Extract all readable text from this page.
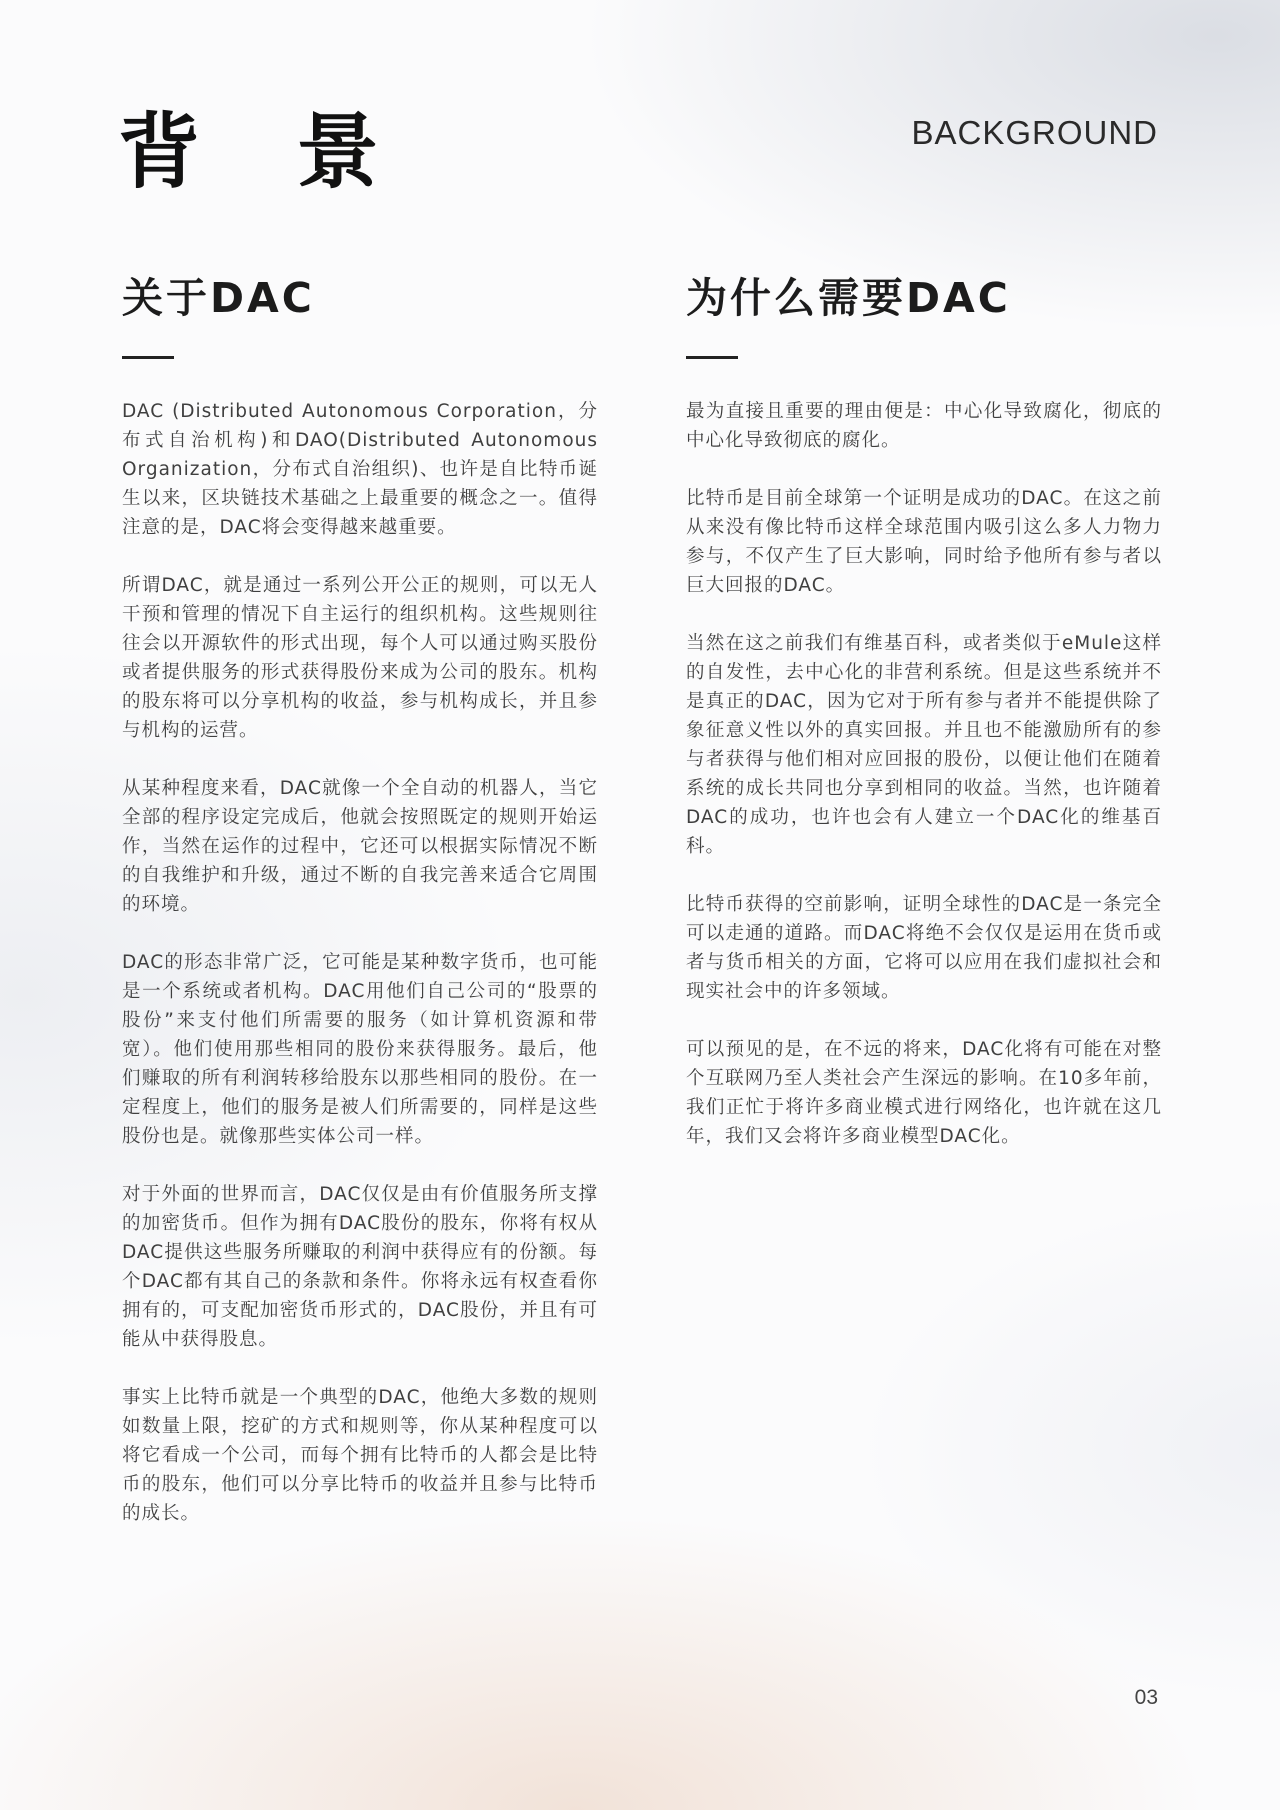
背 景	BACKGROUND
关于DAC

DAC (Distributed Autonomous Corporation，分布式自治机构)和DAO(Distributed Autonomous Organization，分布式自治组织)、也许是自比特币诞生以来，区块链技术基础之上最重要的概念之一。值得注意的是，DAC将会变得越来越重要。

所谓DAC，就是通过一系列公开公正的规则，可以无人干预和管理的情况下自主运行的组织机构。这些规则往往会以开源软件的形式出现，每个人可以通过购买股份或者提供服务的形式获得股份来成为公司的股东。机构的股东将可以分享机构的收益，参与机构成长，并且参与机构的运营。

从某种程度来看，DAC就像一个全自动的机器人，当它全部的程序设定完成后，他就会按照既定的规则开始运作，当然在运作的过程中，它还可以根据实际情况不断的自我维护和升级，通过不断的自我完善来适合它周围的环境。

DAC的形态非常广泛，它可能是某种数字货币，也可能是一个系统或者机构。DAC用他们自己公司的“股票的股份”来支付他们所需要的服务（如计算机资源和带宽）。他们使用那些相同的股份来获得服务。最后，他们赚取的所有利润转移给股东以那些相同的股份。在一定程度上，他们的服务是被人们所需要的，同样是这些股份也是。就像那些实体公司一样。

对于外面的世界而言，DAC仅仅是由有价值服务所支撑的加密货币。但作为拥有DAC股份的股东，你将有权从DAC提供这些服务所赚取的利润中获得应有的份额。每个DAC都有其自己的条款和条件。你将永远有权查看你拥有的，可支配加密货币形式的，DAC股份，并且有可能从中获得股息。

事实上比特币就是一个典型的DAC，他绝大多数的规则如数量上限，挖矿的方式和规则等，你从某种程度可以将它看成一个公司，而每个拥有比特币的人都会是比特币的股东，他们可以分享比特币的收益并且参与比特币的成长。

为什么需要DAC

最为直接且重要的理由便是：中心化导致腐化，彻底的中心化导致彻底的腐化。

比特币是目前全球第一个证明是成功的DAC。在这之前从来没有像比特币这样全球范围内吸引这么多人力物力参与，不仅产生了巨大影响，同时给予他所有参与者以巨大回报的DAC。

当然在这之前我们有维基百科，或者类似于eMule这样的自发性，去中心化的非营利系统。但是这些系统并不是真正的DAC，因为它对于所有参与者并不能提供除了象征意义性以外的真实回报。并且也不能激励所有的参与者获得与他们相对应回报的股份，以便让他们在随着系统的成长共同也分享到相同的收益。当然，也许随着DAC的成功，也许也会有人建立一个DAC化的维基百科。

比特币获得的空前影响，证明全球性的DAC是一条完全可以走通的道路。而DAC将绝不会仅仅是运用在货币或者与货币相关的方面，它将可以应用在我们虚拟社会和现实社会中的许多领域。

可以预见的是，在不远的将来，DAC化将有可能在对整个互联网乃至人类社会产生深远的影响。在10多年前，我们正忙于将许多商业模式进行网络化，也许就在这几年，我们又会将许多商业模型DAC化。

03
